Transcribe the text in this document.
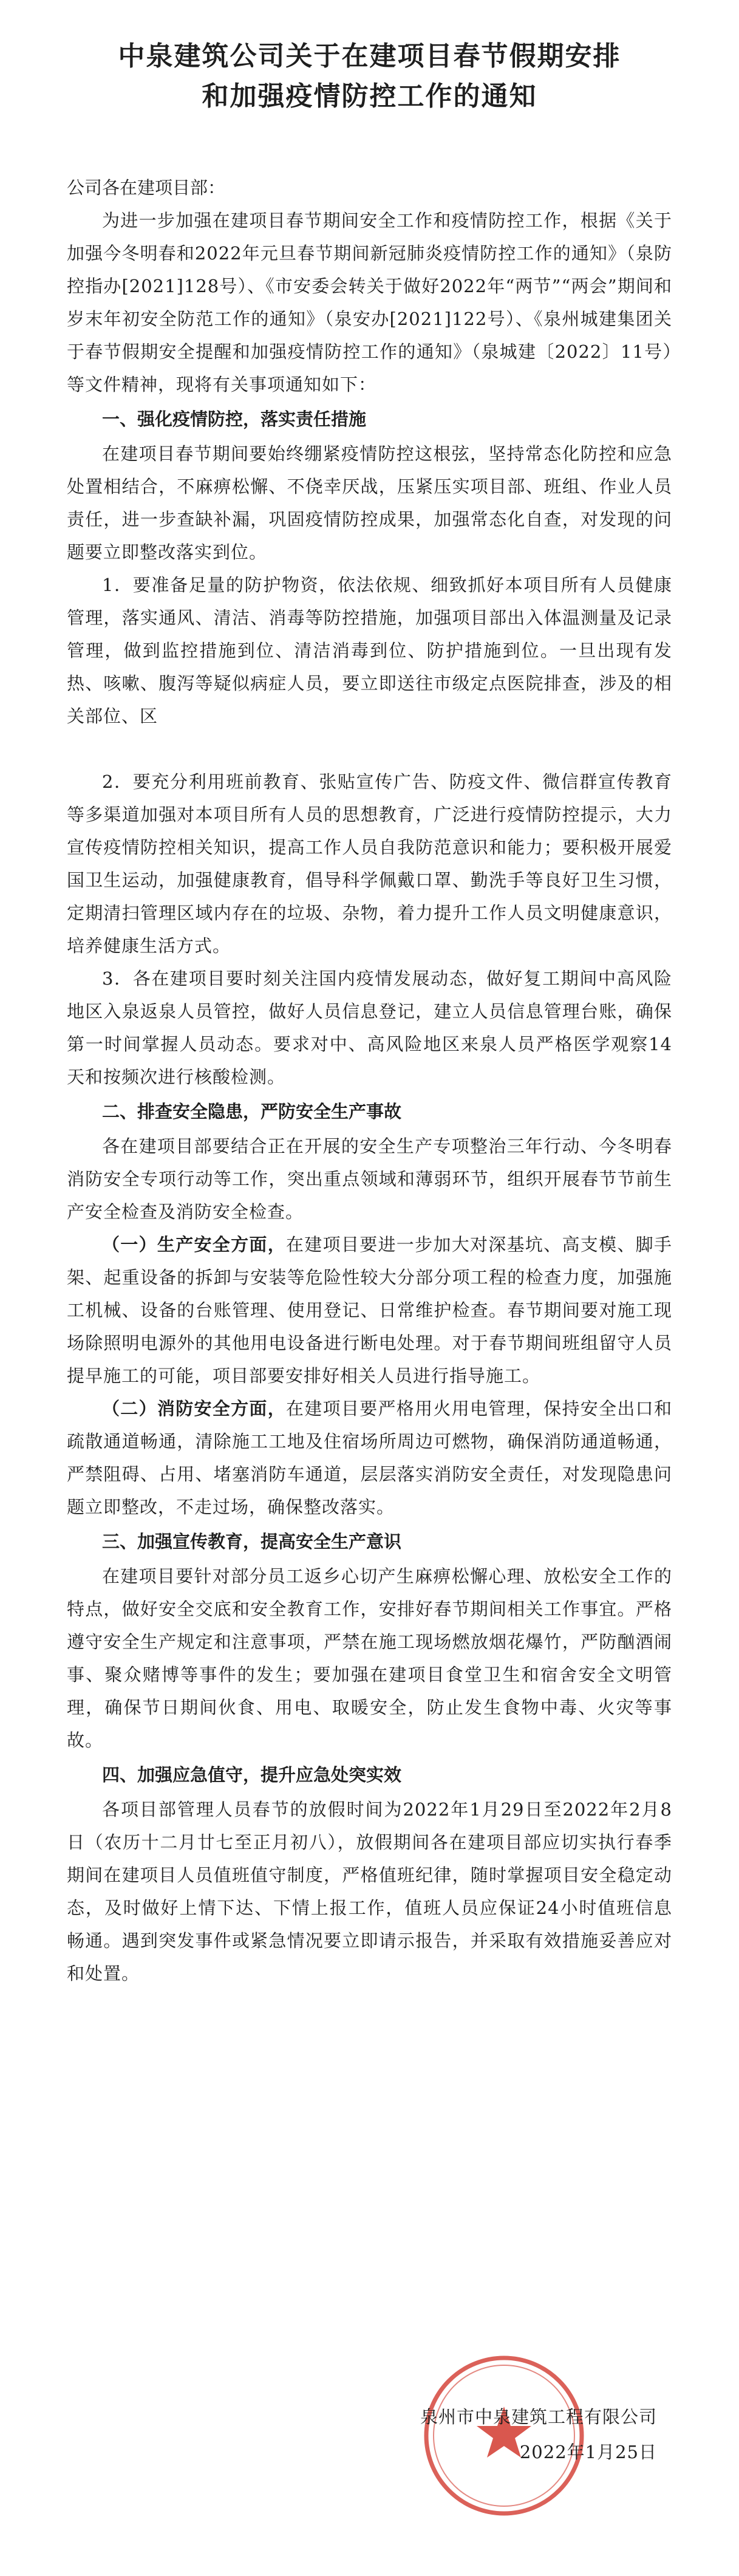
中泉建筑公司关于在建项目春节假期安排
和加强疫情防控工作的通知
公司各在建项目部：

为进一步加强在建项目春节期间安全工作和疫情防控工作，根据《关于加强今冬明春和2022年元旦春节期间新冠肺炎疫情防控工作的通知》（泉防控指办[2021]128号）、《市安委会转关于做好2022年“两节”“两会”期间和岁末年初安全防范工作的通知》（泉安办[2021]122号）、《泉州城建集团关于春节假期安全提醒和加强疫情防控工作的通知》（泉城建〔2022〕11号）等文件精神，现将有关事项通知如下：

一、强化疫情防控，落实责任措施

在建项目春节期间要始终绷紧疫情防控这根弦，坚持常态化防控和应急处置相结合，不麻痹松懈、不侥幸厌战，压紧压实项目部、班组、作业人员责任，进一步查缺补漏，巩固疫情防控成果，加强常态化自查，对发现的问题要立即整改落实到位。

1．要准备足量的防护物资，依法依规、细致抓好本项目所有人员健康管理，落实通风、清洁、消毒等防控措施，加强项目部出入体温测量及记录管理，做到监控措施到位、清洁消毒到位、防护措施到位。一旦出现有发热、咳嗽、腹泻等疑似病症人员，要立即送往市级定点医院排查，涉及的相关部位、区

2．要充分利用班前教育、张贴宣传广告、防疫文件、微信群宣传教育等多渠道加强对本项目所有人员的思想教育，广泛进行疫情防控提示，大力宣传疫情防控相关知识，提高工作人员自我防范意识和能力；要积极开展爱国卫生运动，加强健康教育，倡导科学佩戴口罩、勤洗手等良好卫生习惯，定期清扫管理区域内存在的垃圾、杂物，着力提升工作人员文明健康意识，培养健康生活方式。

3．各在建项目要时刻关注国内疫情发展动态，做好复工期间中高风险地区入泉返泉人员管控，做好人员信息登记，建立人员信息管理台账，确保第一时间掌握人员动态。要求对中、高风险地区来泉人员严格医学观察14天和按频次进行核酸检测。

二、排查安全隐患，严防安全生产事故

各在建项目部要结合正在开展的安全生产专项整治三年行动、今冬明春消防安全专项行动等工作，突出重点领域和薄弱环节，组织开展春节节前生产安全检查及消防安全检查。

（一）生产安全方面，在建项目要进一步加大对深基坑、高支模、脚手架、起重设备的拆卸与安装等危险性较大分部分项工程的检查力度，加强施工机械、设备的台账管理、使用登记、日常维护检查。春节期间要对施工现场除照明电源外的其他用电设备进行断电处理。对于春节期间班组留守人员提早施工的可能，项目部要安排好相关人员进行指导施工。

（二）消防安全方面，在建项目要严格用火用电管理，保持安全出口和疏散通道畅通，清除施工工地及住宿场所周边可燃物，确保消防通道畅通，严禁阻碍、占用、堵塞消防车通道，层层落实消防安全责任，对发现隐患问题立即整改，不走过场，确保整改落实。

三、加强宣传教育，提高安全生产意识

在建项目要针对部分员工返乡心切产生麻痹松懈心理、放松安全工作的特点，做好安全交底和安全教育工作，安排好春节期间相关工作事宜。严格遵守安全生产规定和注意事项，严禁在施工现场燃放烟花爆竹，严防酗酒闹事、聚众赌博等事件的发生；要加强在建项目食堂卫生和宿舍安全文明管理，确保节日期间伙食、用电、取暖安全，防止发生食物中毒、火灾等事故。

四、加强应急值守，提升应急处突实效

各项目部管理人员春节的放假时间为2022年1月29日至2022年2月8日（农历十二月廿七至正月初八），放假期间各在建项目部应切实执行春季期间在建项目人员值班值守制度，严格值班纪律，随时掌握项目安全稳定动态，及时做好上情下达、下情上报工作，值班人员应保证24小时值班信息畅通。遇到突发事件或紧急情况要立即请示报告，并采取有效措施妥善应对和处置。

泉州市中泉建筑工程有限公司
2022年1月25日
